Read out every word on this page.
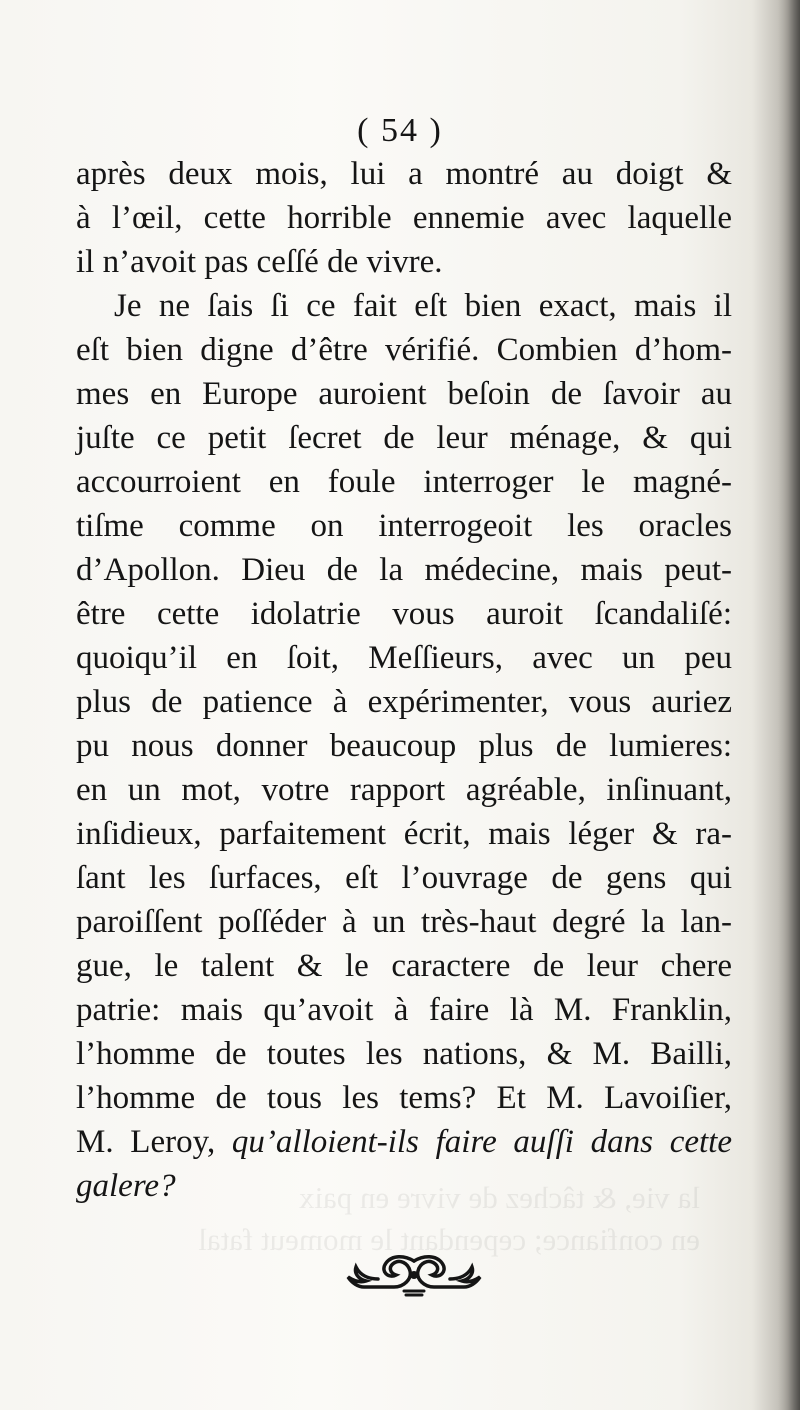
la vie, & tâchez de vivre en paix
en confiance; cependant le momeut fatal
( 54 )
après deux mois, lui a montré au doigt &
à l’œil, cette horrible ennemie avec laquelle
il n’avoit pas ceſſé de vivre.
Je ne ſais ſi ce fait eſt bien exact, mais il
eſt bien digne d’être vérifié. Combien d’hom-
mes en Europe auroient beſoin de ſavoir au
juſte ce petit ſecret de leur ménage, & qui
accourroient en foule interroger le magné-
tiſme comme on interrogeoit les oracles
d’Apollon. Dieu de la médecine, mais peut-
être cette idolatrie vous auroit ſcandaliſé:
quoiqu’il en ſoit, Meſſieurs, avec un peu
plus de patience à expérimenter, vous auriez
pu nous donner beaucoup plus de lumieres:
en un mot, votre rapport agréable, inſinuant,
inſidieux, parfaitement écrit, mais léger & ra-
ſant les ſurfaces, eſt l’ouvrage de gens qui
paroiſſent poſſéder à un très-haut degré la lan-
gue, le talent & le caractere de leur chere
patrie: mais qu’avoit à faire là M. Franklin,
l’homme de toutes les nations, & M. Bailli,
l’homme de tous les tems? Et M. Lavoiſier,
M. Leroy, qu’alloient-ils faire auſſi dans cette
galere?
